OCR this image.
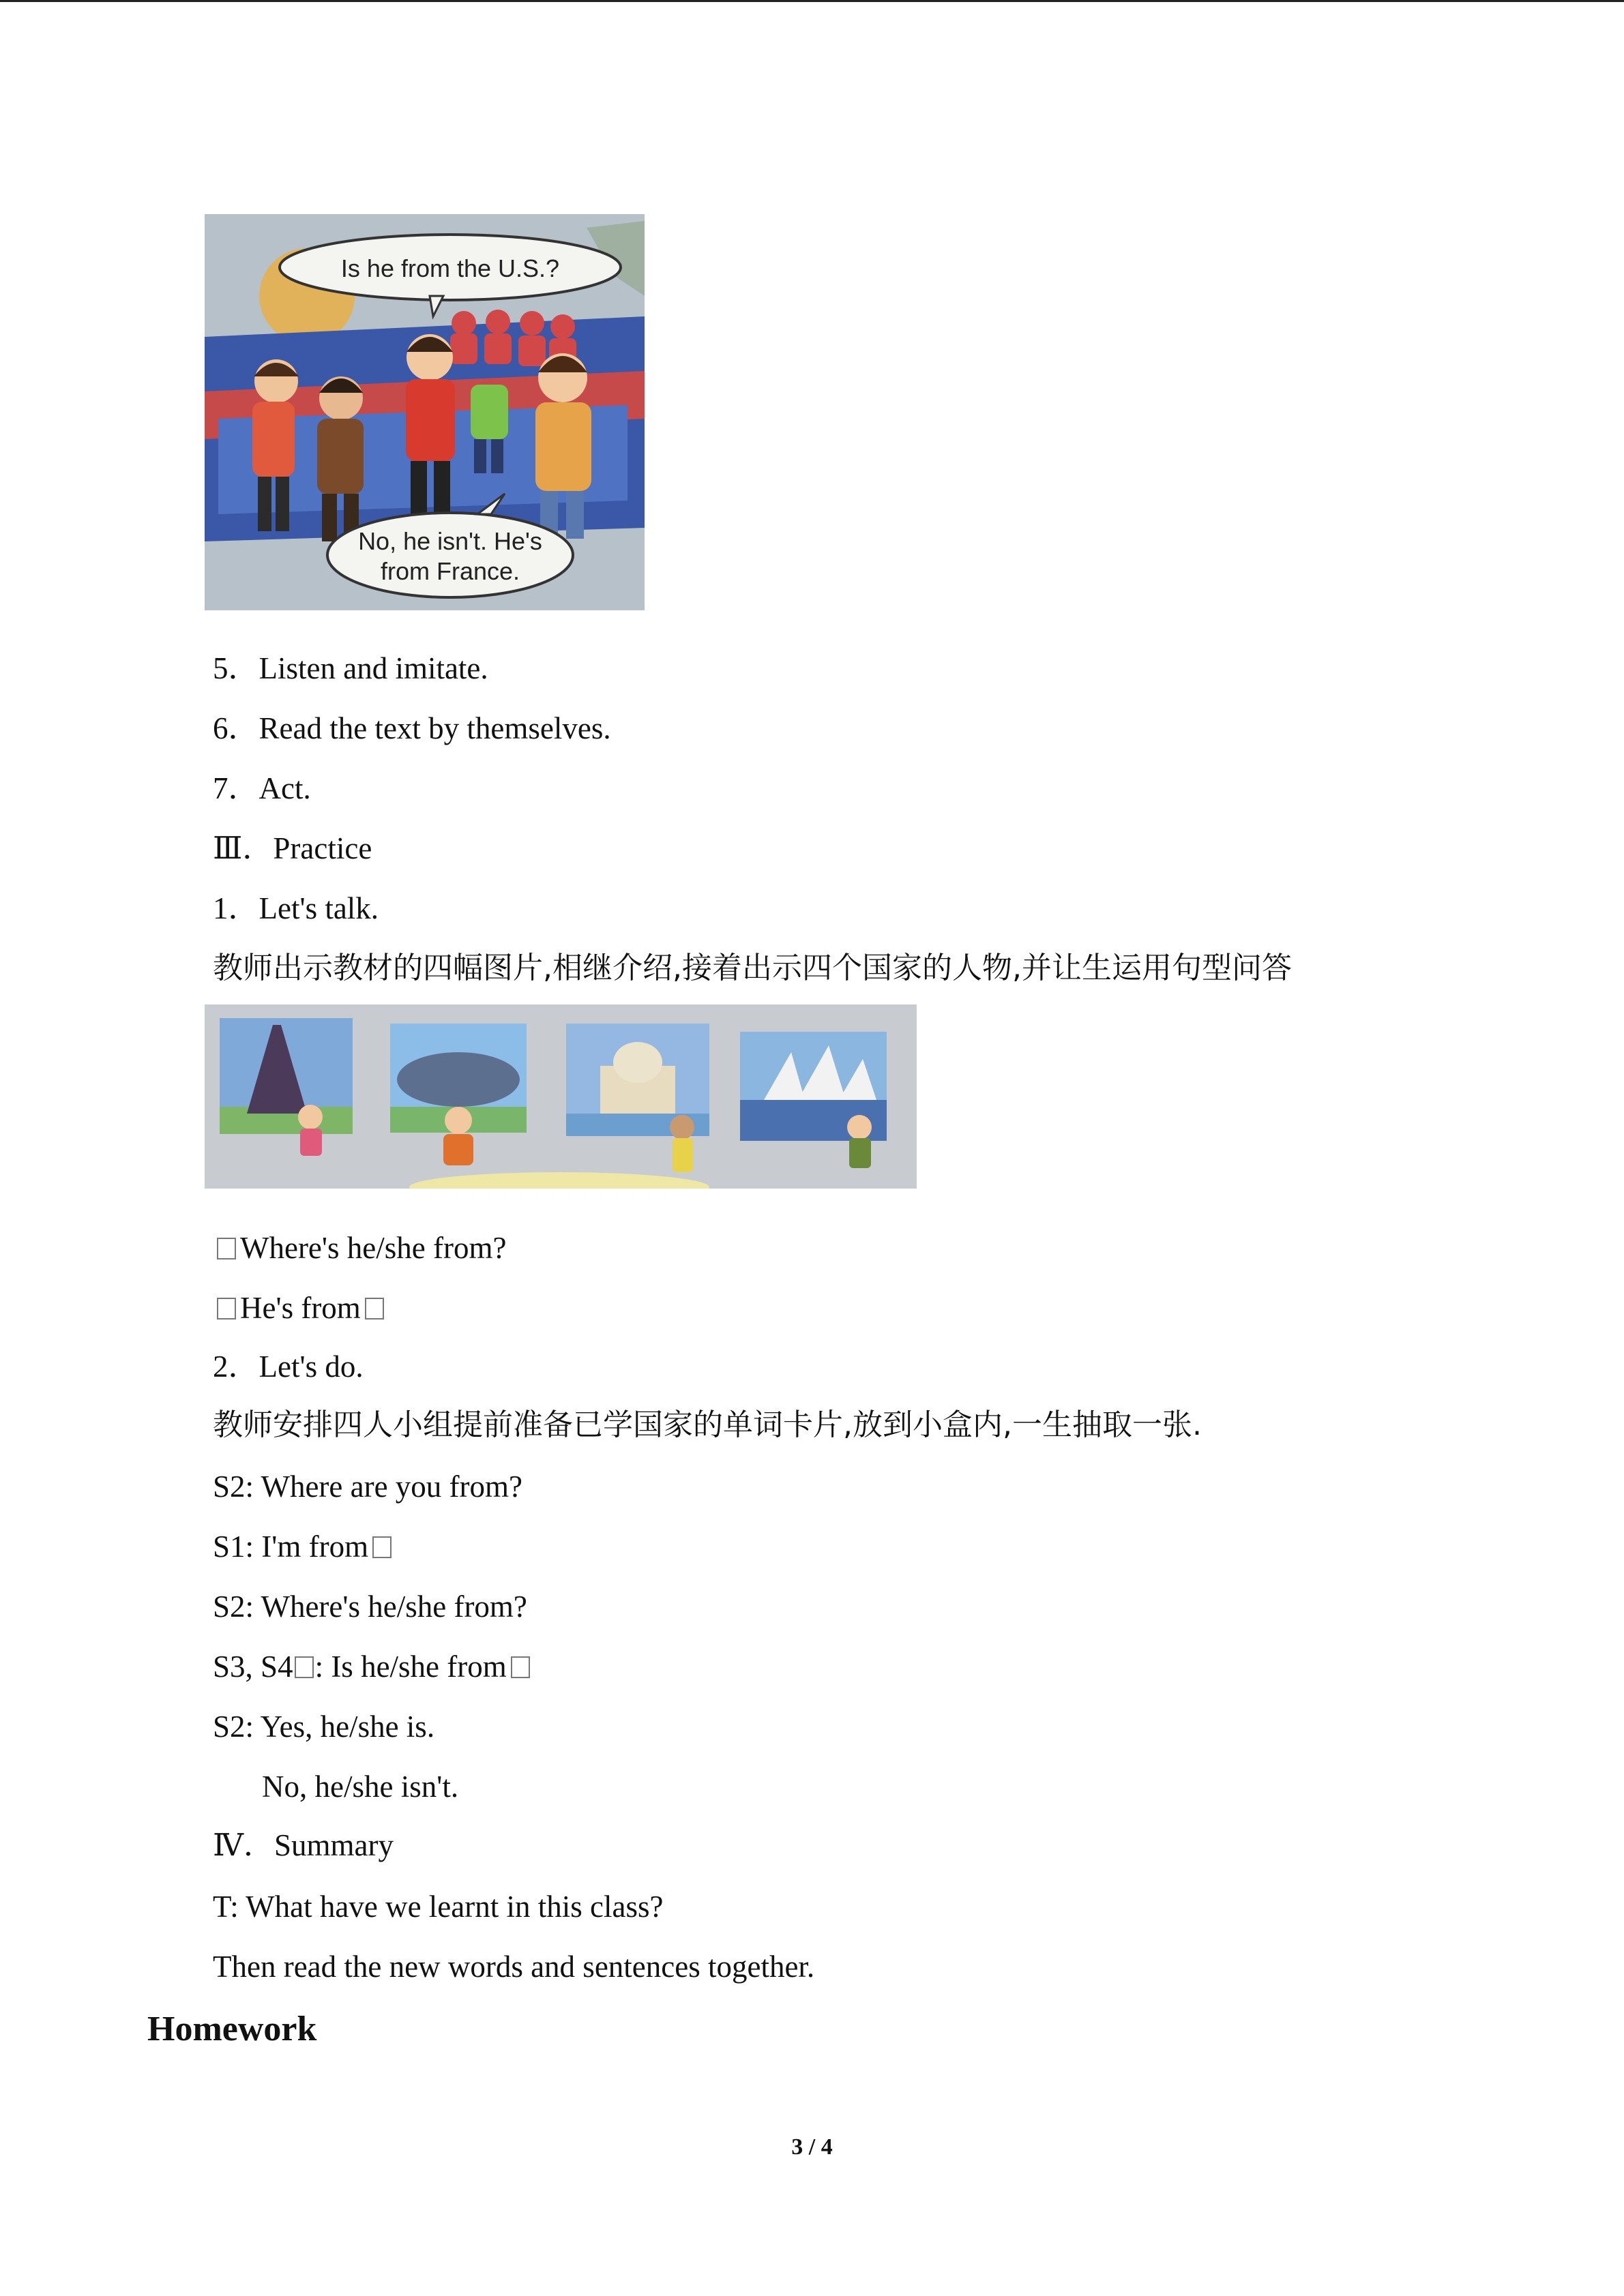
Is he from the U.S.?
No, he isn't. He's
from France.
5．Listen and imitate.
6．Read the text by themselves.
7．Act.
Ⅲ．Practice
1．Let's talk.
教师出示教材的四幅图片,相继介绍,接着出示四个国家的人物,并让生运用句型问答
Where's he/she from?
He's from
2．Let's do.
教师安排四人小组提前准备已学国家的单词卡片,放到小盒内,一生抽取一张.
S2: Where are you from?
S1: I'm from
S2: Where's he/she from?
S3, S4 : Is he/she from
S2: Yes, he/she is.
No, he/she isn't.
Ⅳ．Summary
T: What have we learnt in this class?
Then read the new words and sentences together.
Homework
3 / 4
